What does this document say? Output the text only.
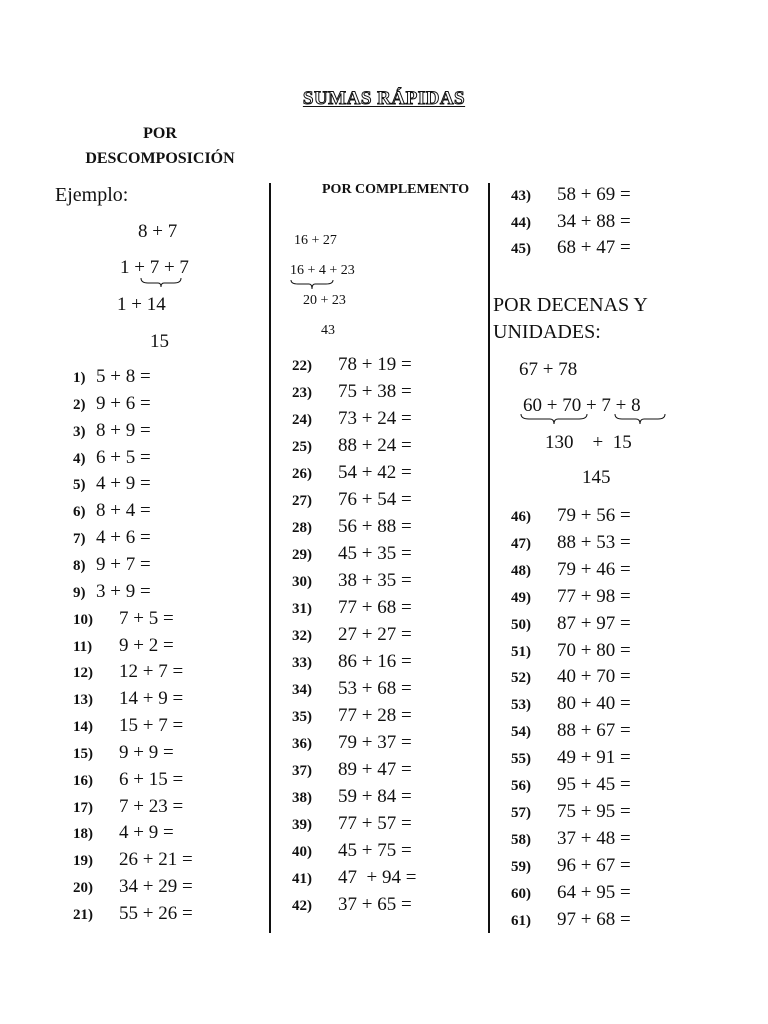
SUMAS RÁPIDAS
POR
DESCOMPOSICIÓN
Ejemplo:
8 + 7
1 + 7 + 7
1 + 14
15
1) 5 + 8 =
2) 9 + 6 =
3) 8 + 9 =
4) 6 + 5 =
5) 4 + 9 =
6) 8 + 4 =
7) 4 + 6 =
8) 9 + 7 =
9) 3 + 9 =
10) 7 + 5 =
11) 9 + 2 =
12) 12 + 7 =
13) 14 + 9 =
14) 15 + 7 =
15) 9 + 9 =
16) 6 + 15 =
17) 7 + 23 =
18) 4 + 9 =
19) 26 + 21 =
20) 34 + 29 =
21) 55 + 26 =
POR COMPLEMENTO
16 + 27
16 + 4 + 23
20 + 23
43
22) 78 + 19 =
23) 75 + 38 =
24) 73 + 24 =
25) 88 + 24 =
26) 54 + 42 =
27) 76 + 54 =
28) 56 + 88 =
29) 45 + 35 =
30) 38 + 35 =
31) 77 + 68 =
32) 27 + 27 =
33) 86 + 16 =
34) 53 + 68 =
35) 77 + 28 =
36) 79 + 37 =
37) 89 + 47 =
38) 59 + 84 =
39) 77 + 57 =
40) 45 + 75 =
41) 47  + 94 =
42) 37 + 65 =
43) 58 + 69 =
44) 34 + 88 =
45) 68 + 47 =
POR DECENAS Y
UNIDADES:
67 + 78
60 + 70 + 7 + 8
130    +  15
145
46) 79 + 56 =
47) 88 + 53 =
48) 79 + 46 =
49) 77 + 98 =
50) 87 + 97 =
51) 70 + 80 =
52) 40 + 70 =
53) 80 + 40 =
54) 88 + 67 =
55) 49 + 91 =
56) 95 + 45 =
57) 75 + 95 =
58) 37 + 48 =
59) 96 + 67 =
60) 64 + 95 =
61) 97 + 68 =
